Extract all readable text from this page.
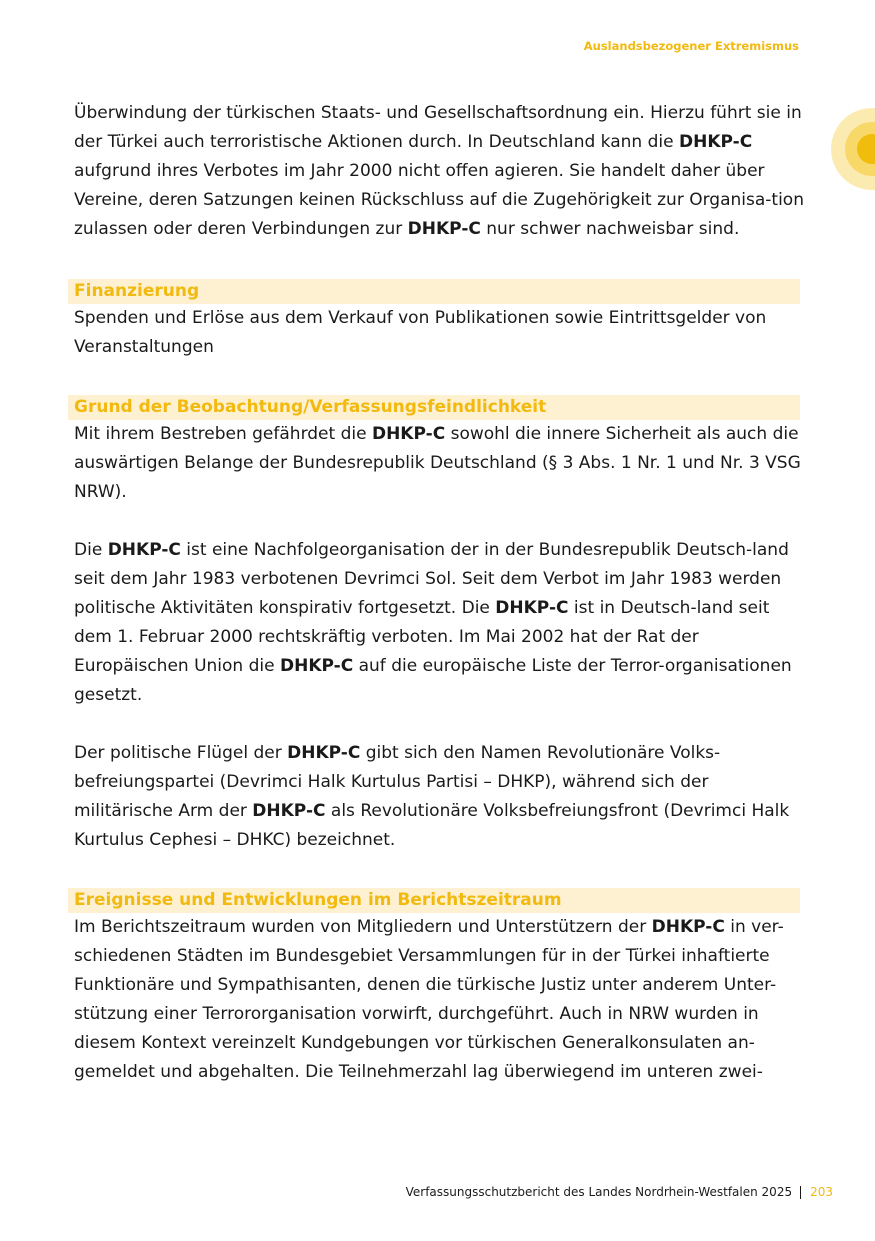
Auslandsbezogener Extremismus

Überwindung der türkischen Staats- und Gesellschaftsordnung ein. Hierzu führt sie in der Türkei auch terroristische Aktionen durch. In Deutschland kann die DHKP-C aufgrund ihres Verbotes im Jahr 2000 nicht offen agieren. Sie handelt daher über Vereine, deren Satzungen keinen Rückschluss auf die Zugehörigkeit zur Organisa-tion zulassen oder deren Verbindungen zur DHKP-C nur schwer nachweisbar sind.

Finanzierung

Spenden und Erlöse aus dem Verkauf von Publikationen sowie Eintrittsgelder von Veranstaltungen

Grund der Beobachtung/Verfassungsfeindlichkeit

Mit ihrem Bestreben gefährdet die DHKP-C sowohl die innere Sicherheit als auch die auswärtigen Belange der Bundesrepublik Deutschland (§ 3 Abs. 1 Nr. 1 und Nr. 3 VSG NRW).

Die DHKP-C ist eine Nachfolgeorganisation der in der Bundesrepublik Deutsch-land seit dem Jahr 1983 verbotenen Devrimci Sol. Seit dem Verbot im Jahr 1983 werden politische Aktivitäten konspirativ fortgesetzt. Die DHKP-C ist in Deutsch-land seit dem 1. Februar 2000 rechtskräftig verboten. Im Mai 2002 hat der Rat der Europäischen Union die DHKP-C auf die europäische Liste der Terror-organisationen gesetzt.

Der politische Flügel der DHKP-C gibt sich den Namen Revolutionäre Volks-befreiungspartei (Devrimci Halk Kurtulus Partisi – DHKP), während sich der militärische Arm der DHKP-C als Revolutionäre Volksbefreiungsfront (Devrimci Halk Kurtulus Cephesi – DHKC) bezeichnet.

Ereignisse und Entwicklungen im Berichtszeitraum

Im Berichtszeitraum wurden von Mitgliedern und Unterstützern der DHKP-C in ver-schiedenen Städten im Bundesgebiet Versammlungen für in der Türkei inhaftierte Funktionäre und Sympathisanten, denen die türkische Justiz unter anderem Unter-stützung einer Terrororganisation vorwirft, durchgeführt. Auch in NRW wurden in diesem Kontext vereinzelt Kundgebungen vor türkischen Generalkonsulaten an-gemeldet und abgehalten. Die Teilnehmerzahl lag überwiegend im unteren zwei-

Verfassungsschutzbericht des Landes Nordrhein-Westfalen 2025 203
